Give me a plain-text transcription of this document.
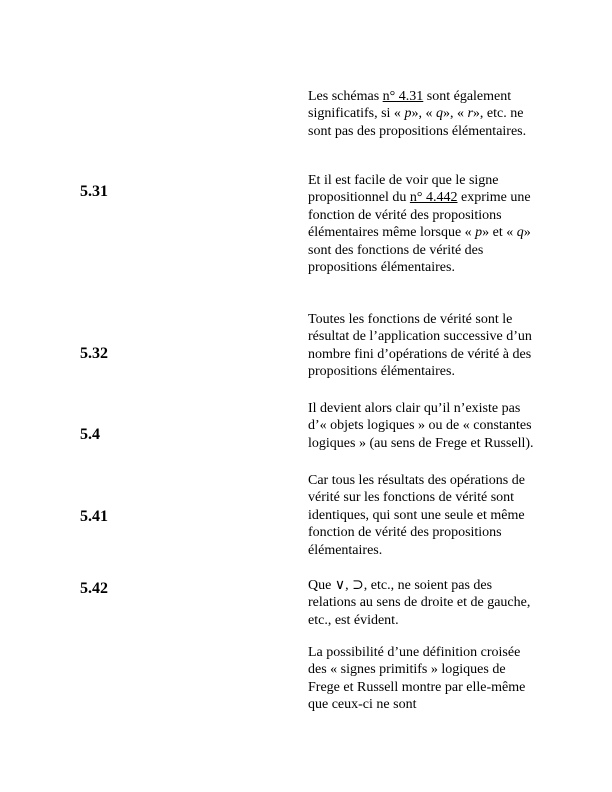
5.31
5.32
5.4
5.41
5.42

Les schémas n° 4.31 sont également significatifs, si « p», « q», « r», etc. ne sont pas des propositions élémentaires.

Et il est facile de voir que le signe propositionnel du n° 4.442 exprime une fonction de vérité des propositions élémentaires même lorsque « p» et « q» sont des fonctions de vérité des propositions élémentaires.

Toutes les fonctions de vérité sont le résultat de l’application successive d’un nombre fini d’opérations de vérité à des propositions élémentaires.

Il devient alors clair qu’il n’existe pas d’« objets logiques » ou de « constantes logiques » (au sens de Frege et Russell).

Car tous les résultats des opérations de vérité sur les fonctions de vérité sont identiques, qui sont une seule et même fonction de vérité des propositions élémentaires.

Que ∨, ⊃, etc., ne soient pas des relations au sens de droite et de gauche, etc., est évident.

La possibilité d’une définition croisée des « signes primitifs » logiques de Frege et Russell montre par elle-même que ceux-ci ne sont
